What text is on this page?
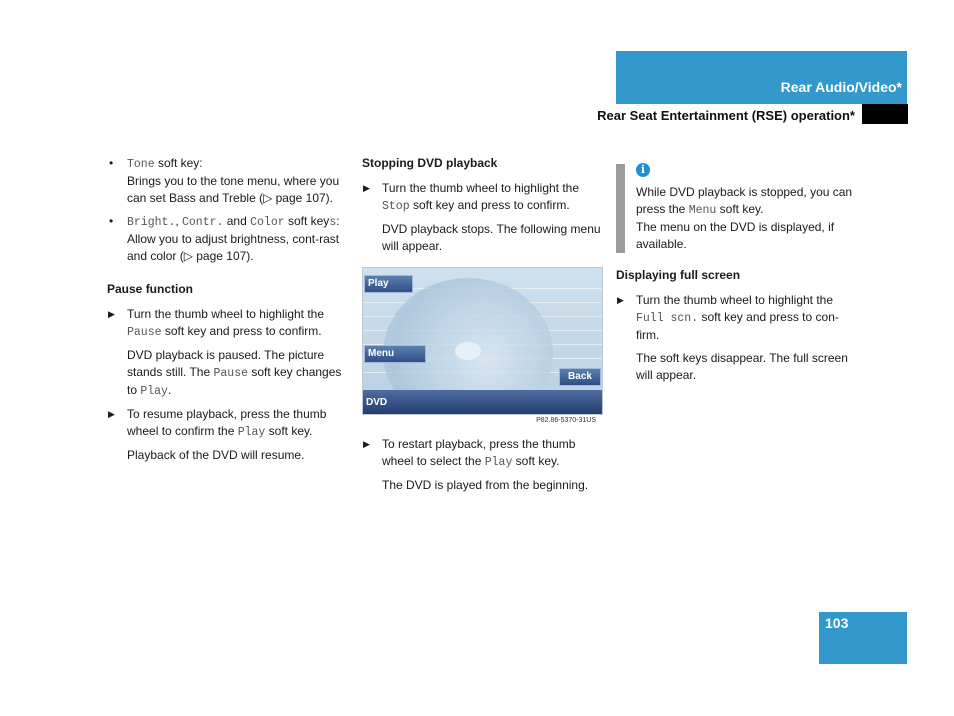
Rear Audio/Video*
Rear Seat Entertainment (RSE) operation*
• Tone soft key:

Brings you to the tone menu, where you can set Bass and Treble (▷ page 107).

• Bright., Contr. and Color soft keys:

Allow you to adjust brightness, cont-rast and color (▷ page 107).

Pause function
▶ Turn the thumb wheel to highlight the Pause soft key and press to confirm.

DVD playback is paused. The picture stands still. The Pause soft key changes to Play.

▶ To resume playback, press the thumb wheel to confirm the Play soft key.

Playback of the DVD will resume.

Stopping DVD playback
▶ Turn the thumb wheel to highlight the Stop soft key and press to confirm.

DVD playback stops. The following menu will appear.

Play
Menu
Back
DVD
P82.86-5370-31US
▶ To restart playback, press the thumb wheel to select the Play soft key.

The DVD is played from the beginning.

i

While DVD playback is stopped, you can press the Menu soft key.

The menu on the DVD is displayed, if available.

Displaying full screen
▶ Turn the thumb wheel to highlight the Full scn. soft key and press to con-firm.

The soft keys disappear. The full screen will appear.

103
